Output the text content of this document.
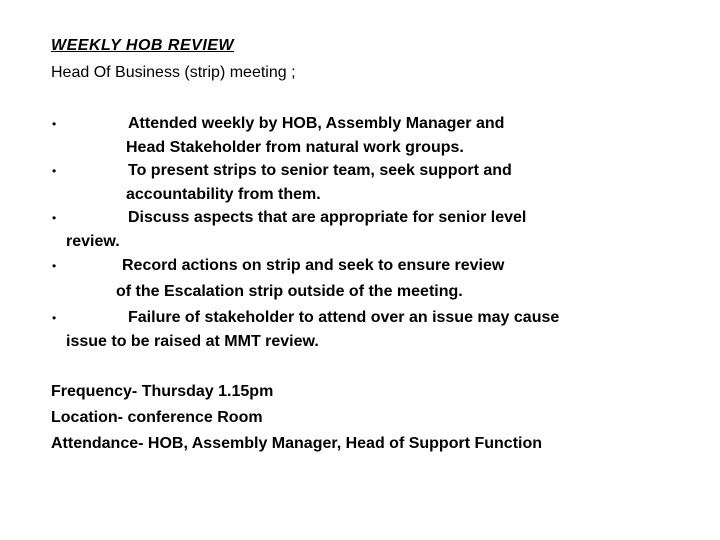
WEEKLY HOB REVIEW
Head Of Business (strip) meeting ;
•	Attended weekly by HOB, Assembly Manager and
Head Stakeholder from natural work groups.
•	To present strips to senior team, seek support and
accountability from them.
•	Discuss aspects that are appropriate for senior level
review.
•	Record actions on strip and seek to ensure review
of the Escalation strip outside of the meeting.
•	Failure of stakeholder to attend over an issue may cause
issue to be raised at MMT review.
Frequency- Thursday 1.15pm
Location- conference Room
Attendance- HOB, Assembly Manager, Head of Support Function
